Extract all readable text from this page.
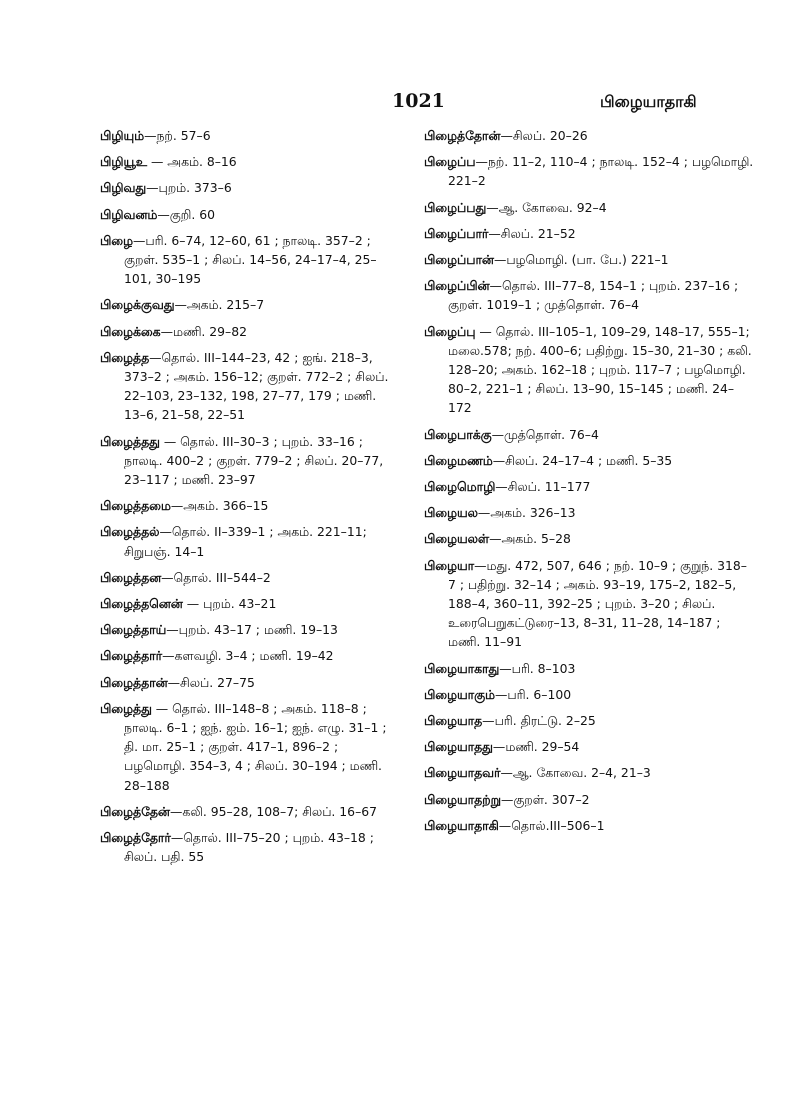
1021	பிழையாதாகி
பிழியும்—நற். 57–6
பிழியூஉ — அகம். 8–16
பிழிவது—புறம். 373–6
பிழிவனம்—குறி. 60
பிழை—பரி. 6–74, 12–60, 61 ; நாலடி. 357–2 ; குறள். 535–1 ; சிலப். 14–56, 24–17–4, 25–101, 30–195
பிழைக்குவது—அகம். 215–7
பிழைக்கை—மணி. 29–82
பிழைத்த—தொல். III–144–23, 42 ; ஐங். 218–3, 373–2 ; அகம். 156–12; குறள். 772–2 ; சிலப். 22–103, 23–132, 198, 27–77, 179 ; மணி. 13–6, 21–58, 22–51
பிழைத்தது — தொல். III–30–3 ; புறம். 33–16 ; நாலடி. 400–2 ; குறள். 779–2 ; சிலப். 20–77, 23–117 ; மணி. 23–97
பிழைத்தமை—அகம். 366–15
பிழைத்தல்—தொல். II–339–1 ; அகம். 221–11; சிறுபஞ். 14–1
பிழைத்தன—தொல். III–544–2
பிழைத்தனென் — புறம். 43–21
பிழைத்தாய்—புறம். 43–17 ; மணி. 19–13
பிழைத்தார்—களவழி. 3–4 ; மணி. 19–42
பிழைத்தான்—சிலப். 27–75
பிழைத்து — தொல். III–148–8 ; அகம். 118–8 ; நாலடி. 6–1 ; ஐந். ஐம். 16–1; ஐந். எழு. 31–1 ; தி. மா. 25–1 ; குறள். 417–1, 896–2 ; பழமொழி. 354–3, 4 ; சிலப். 30–194 ; மணி. 28–188
பிழைத்தேன்—கலி. 95–28, 108–7; சிலப். 16–67
பிழைத்தோர்—தொல். III–75–20 ; புறம். 43–18 ; சிலப். பதி. 55
பிழைத்தோன்—சிலப். 20–26
பிழைப்ப—நற். 11–2, 110–4 ; நாலடி. 152–4 ; பழமொழி. 221–2
பிழைப்பது—ஆ. கோவை. 92–4
பிழைப்பார்—சிலப். 21–52
பிழைப்பான்—பழமொழி. (பா. பே.) 221–1
பிழைப்பின்—தொல். III–77–8, 154–1 ; புறம். 237–16 ; குறள். 1019–1 ; முத்தொள். 76–4
பிழைப்பு — தொல். III–105–1, 109–29, 148–17, 555–1; மலை.578; நற். 400–6; பதிற்று. 15–30, 21–30 ; கலி. 128–20; அகம். 162–18 ; புறம். 117–7 ; பழமொழி. 80–2, 221–1 ; சிலப். 13–90, 15–145 ; மணி. 24–172
பிழைபாக்கு—முத்தொள். 76–4
பிழைமணம்—சிலப். 24–17–4 ; மணி. 5–35
பிழைமொழி—சிலப். 11–177
பிழையல—அகம். 326–13
பிழையலள்—அகம். 5–28
பிழையா—மது. 472, 507, 646 ; நற். 10–9 ; குறுந். 318–7 ; பதிற்று. 32–14 ; அகம். 93–19, 175–2, 182–5, 188–4, 360–11, 392–25 ; புறம். 3–20 ; சிலப். உரைபெறுகட்டுரை–13, 8–31, 11–28, 14–187 ; மணி. 11–91
பிழையாகாது—பரி. 8–103
பிழையாகும்—பரி. 6–100
பிழையாத—பரி. திரட்டு. 2–25
பிழையாதது—மணி. 29–54
பிழையாதவர்—ஆ. கோவை. 2–4, 21–3
பிழையாதற்று—குறள். 307–2
பிழையாதாகி—தொல்.III–506–1
